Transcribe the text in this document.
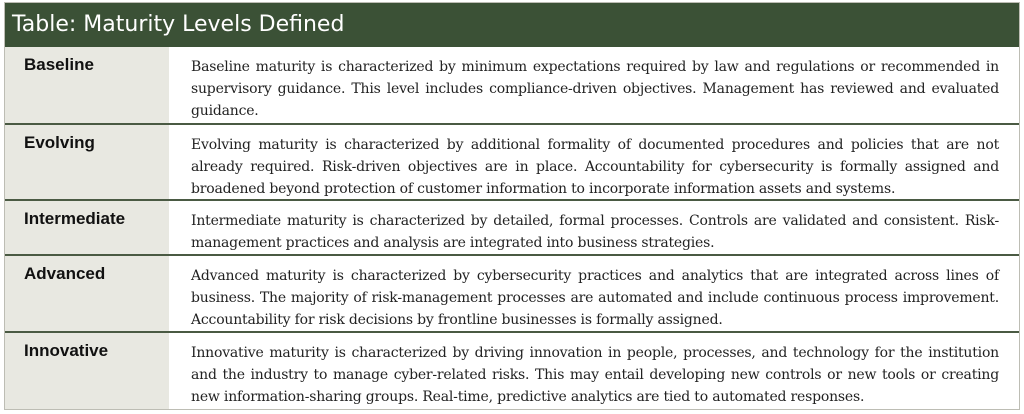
Table: Maturity Levels Defined
Baseline	Baseline maturity is characterized by minimum expectations required by law and regulations or recommended in supervisory guidance. This level includes compliance-driven objectives. Management has reviewed and evaluated guidance.
Evolving	Evolving maturity is characterized by additional formality of documented procedures and policies that are not already required. Risk-driven objectives are in place. Accountability for cybersecurity is formally assigned and broadened beyond protection of customer information to incorporate information assets and systems.
Intermediate	Intermediate maturity is characterized by detailed, formal processes. Controls are validated and consistent. Risk-management practices and analysis are integrated into business strategies.
Advanced	Advanced maturity is characterized by cybersecurity practices and analytics that are integrated across lines of business. The majority of risk-management processes are automated and include continuous process improvement. Accountability for risk decisions by frontline businesses is formally assigned.
Innovative	Innovative maturity is characterized by driving innovation in people, processes, and technology for the institution and the industry to manage cyber-related risks. This may entail developing new controls or new tools or creating new information-sharing groups. Real-time, predictive analytics are tied to automated responses.
